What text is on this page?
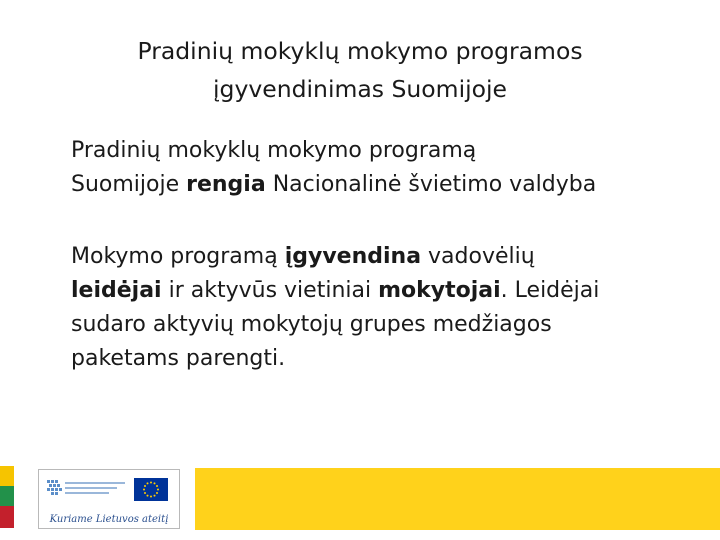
Pradinių mokyklų mokymo programos
įgyvendinimas Suomijoje

Pradinių mokyklų mokymo programą
Suomijoje rengia Nacionalinė švietimo valdyba

Mokymo programą įgyvendina vadovėlių
leidėjai ir aktyvūs vietiniai mokytojai. Leidėjai
sudaro aktyvių mokytojų grupes medžiagos
paketams parengti.

Kuriame Lietuvos ateitį
